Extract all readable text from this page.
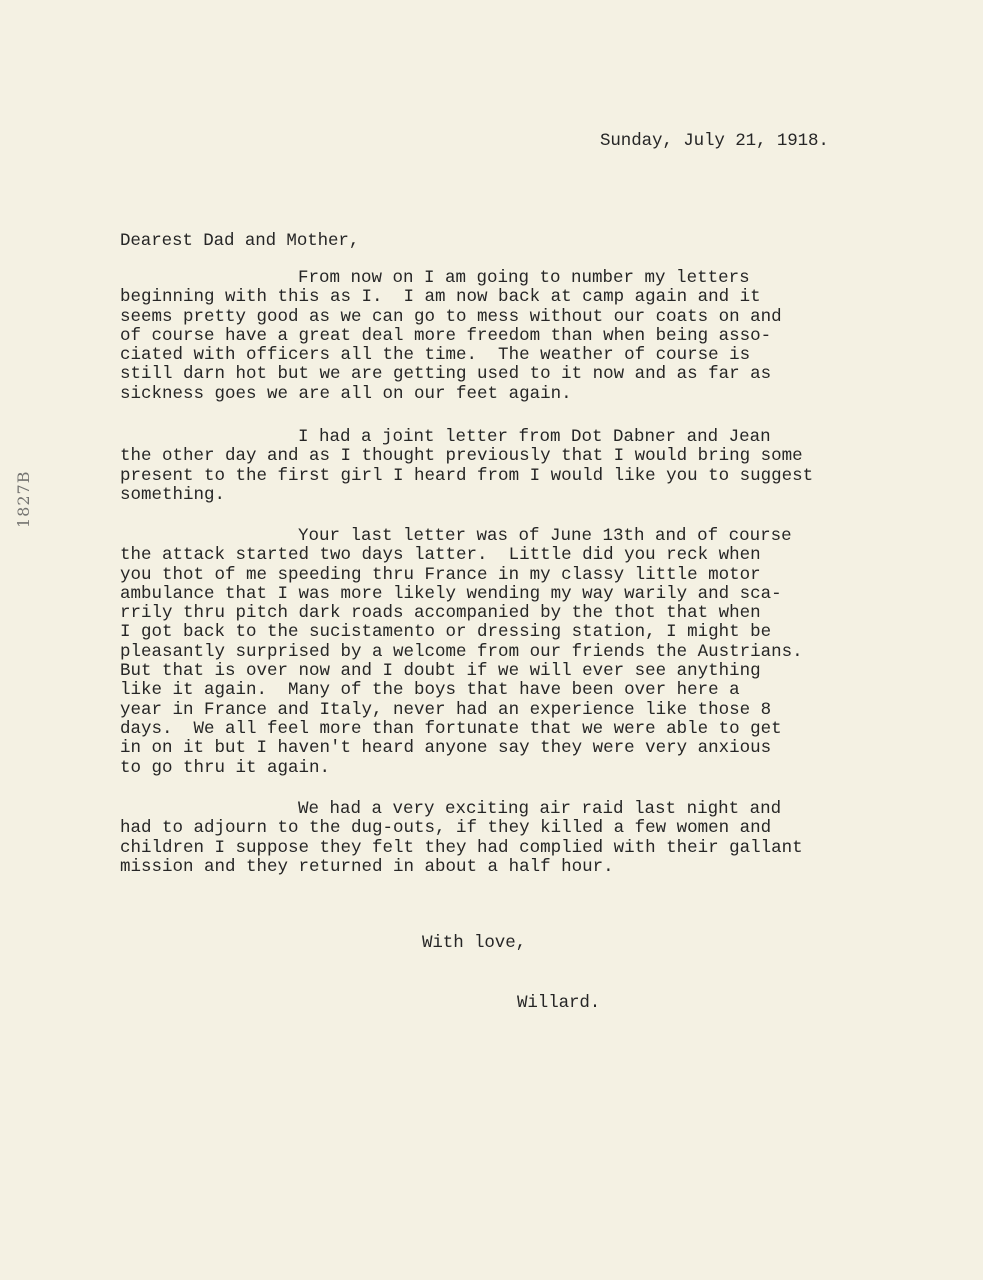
1827B
Sunday, July 21, 1918.
Dearest Dad and Mother,
From now on I am going to number my letters
beginning with this as I.  I am now back at camp again and it
seems pretty good as we can go to mess without our coats on and
of course have a great deal more freedom than when being asso-
ciated with officers all the time.  The weather of course is
still darn hot but we are getting used to it now and as far as
sickness goes we are all on our feet again.
I had a joint letter from Dot Dabner and Jean
the other day and as I thought previously that I would bring some
present to the first girl I heard from I would like you to suggest
something.
Your last letter was of June 13th and of course
the attack started two days latter.  Little did you reck when
you thot of me speeding thru France in my classy little motor
ambulance that I was more likely wending my way warily and sca-
rrily thru pitch dark roads accompanied by the thot that when
I got back to the sucistamento or dressing station, I might be
pleasantly surprised by a welcome from our friends the Austrians.
But that is over now and I doubt if we will ever see anything
like it again.  Many of the boys that have been over here a
year in France and Italy, never had an experience like those 8
days.  We all feel more than fortunate that we were able to get
in on it but I haven't heard anyone say they were very anxious
to go thru it again.
We had a very exciting air raid last night and
had to adjourn to the dug-outs, if they killed a few women and
children I suppose they felt they had complied with their gallant
mission and they returned in about a half hour.
With love,
Willard.
